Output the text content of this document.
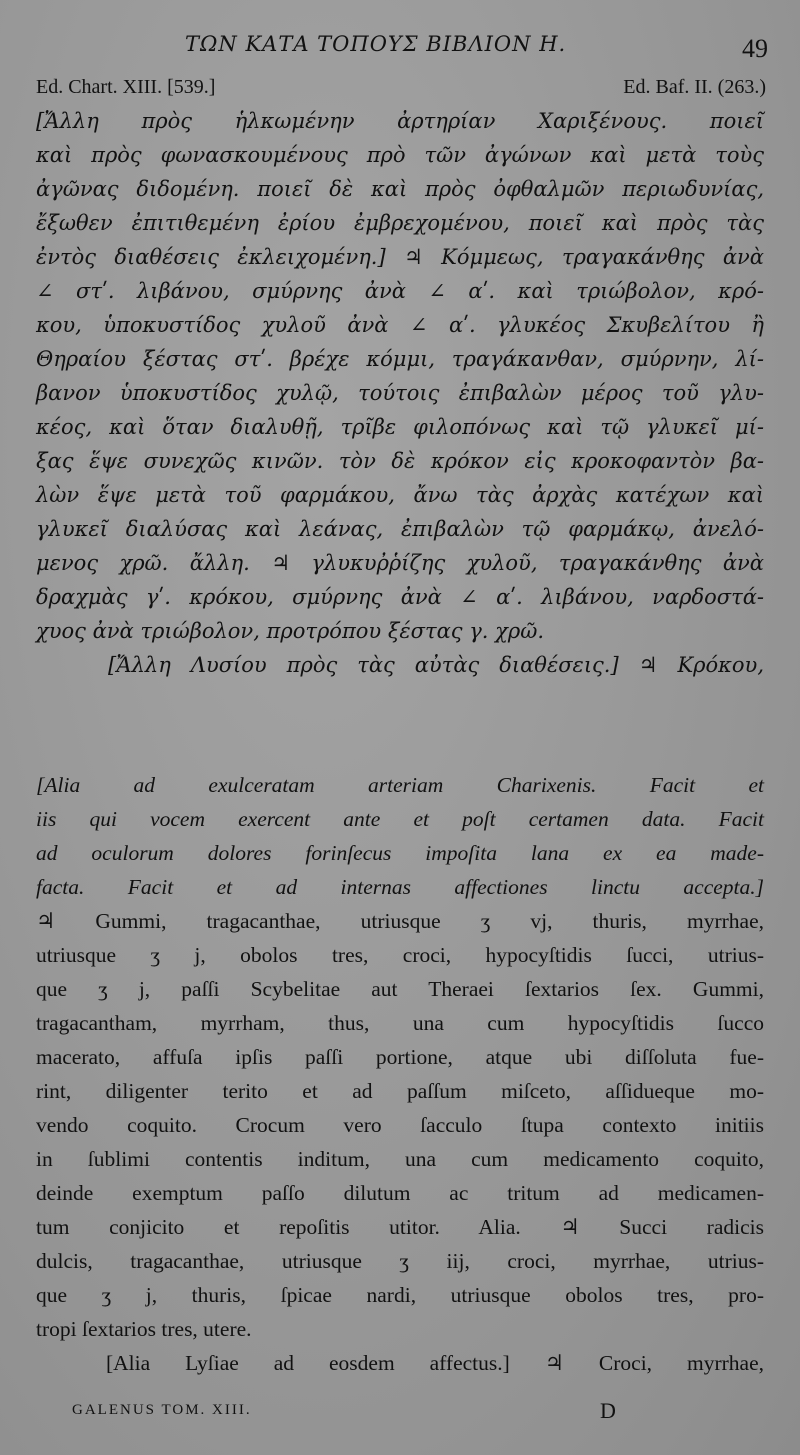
ΤΩΝ ΚΑΤΑ ΤΟΠΟΥΣ ΒΙΒΛΙΟΝ Η.	49
Ed. Chart. XIII. [539.]	Ed. Baf. II. (263.)
[Ἄλλη πρὸς ἡλκωμένην ἀρτηρίαν Χαριξένους. ποιεῖ
καὶ πρὸς φωνασκουμένους πρὸ τῶν ἀγώνων καὶ μετὰ τοὺς
ἀγῶνας διδομένη. ποιεῖ δὲ καὶ πρὸς ὀφθαλμῶν περιωδυνίας,
ἔξωθεν ἐπιτιθεμένη ἐρίου ἐμβρεχομένου, ποιεῖ καὶ πρὸς τὰς
ἐντὸς διαθέσεις ἐκλειχομένη.] ♃ Κόμμεως, τραγακάνθης ἀνὰ
∠ στʹ. λιβάνου, σμύρνης ἀνὰ ∠ αʹ. καὶ τριώβολον, κρό-
κου, ὑποκυστίδος χυλοῦ ἀνὰ ∠ αʹ. γλυκέος Σκυβελίτου ἢ
Θηραίου ξέστας στʹ. βρέχε κόμμι, τραγάκανθαν, σμύρνην, λί-
βανον ὑποκυστίδος χυλῷ, τούτοις ἐπιβαλὼν μέρος τοῦ γλυ-
κέος, καὶ ὅταν διαλυθῇ, τρῖβε φιλοπόνως καὶ τῷ γλυκεῖ μί-
ξας ἕψε συνεχῶς κινῶν. τὸν δὲ κρόκον εἰς κροκοφαντὸν βα-
λὼν ἕψε μετὰ τοῦ φαρμάκου, ἄνω τὰς ἀρχὰς κατέχων καὶ
γλυκεῖ διαλύσας καὶ λεάνας, ἐπιβαλὼν τῷ φαρμάκῳ, ἀνελό-
μενος χρῶ. ἄλλη. ♃ γλυκυῤῥίζης χυλοῦ, τραγακάνθης ἀνὰ
δραχμὰς γʹ. κρόκου, σμύρνης ἀνὰ ∠ αʹ. λιβάνου, ναρδοστά-
χυος ἀνὰ τριώβολον, προτρόπου ξέστας γ. χρῶ.
[Ἄλλη Λυσίου πρὸς τὰς αὐτὰς διαθέσεις.] ♃ Κρόκου,
[Alia ad exulceratam arteriam Charixenis. Facit et
iis qui vocem exercent ante et poſt certamen data. Facit
ad oculorum dolores forinſecus impoſita lana ex ea made-
facta. Facit et ad internas affectiones linctu accepta.]
♃ Gummi, tragacanthae, utriusque ʒ vj, thuris, myrrhae,
utriusque ʒ j, obolos tres, croci, hypocyſtidis ſucci, utrius-
que ʒ j, paſſi Scybelitae aut Theraei ſextarios ſex. Gummi,
tragacantham, myrrham, thus, una cum hypocyſtidis ſucco
macerato, affuſa ipſis paſſi portione, atque ubi diſſoluta fue-
rint, diligenter terito et ad paſſum miſceto, aſſidueque mo-
vendo coquito. Crocum vero ſacculo ſtupa contexto initiis
in ſublimi contentis inditum, una cum medicamento coquito,
deinde exemptum paſſo dilutum ac tritum ad medicamen-
tum conjicito et repoſitis utitor. Alia. ♃ Succi radicis
dulcis, tragacanthae, utriusque ʒ iij, croci, myrrhae, utrius-
que ʒ j, thuris, ſpicae nardi, utriusque obolos tres, pro-
tropi ſextarios tres, utere.
[Alia Lyſiae ad eosdem affectus.] ♃ Croci, myrrhae,
GALENUS TOM. XIII.	D
